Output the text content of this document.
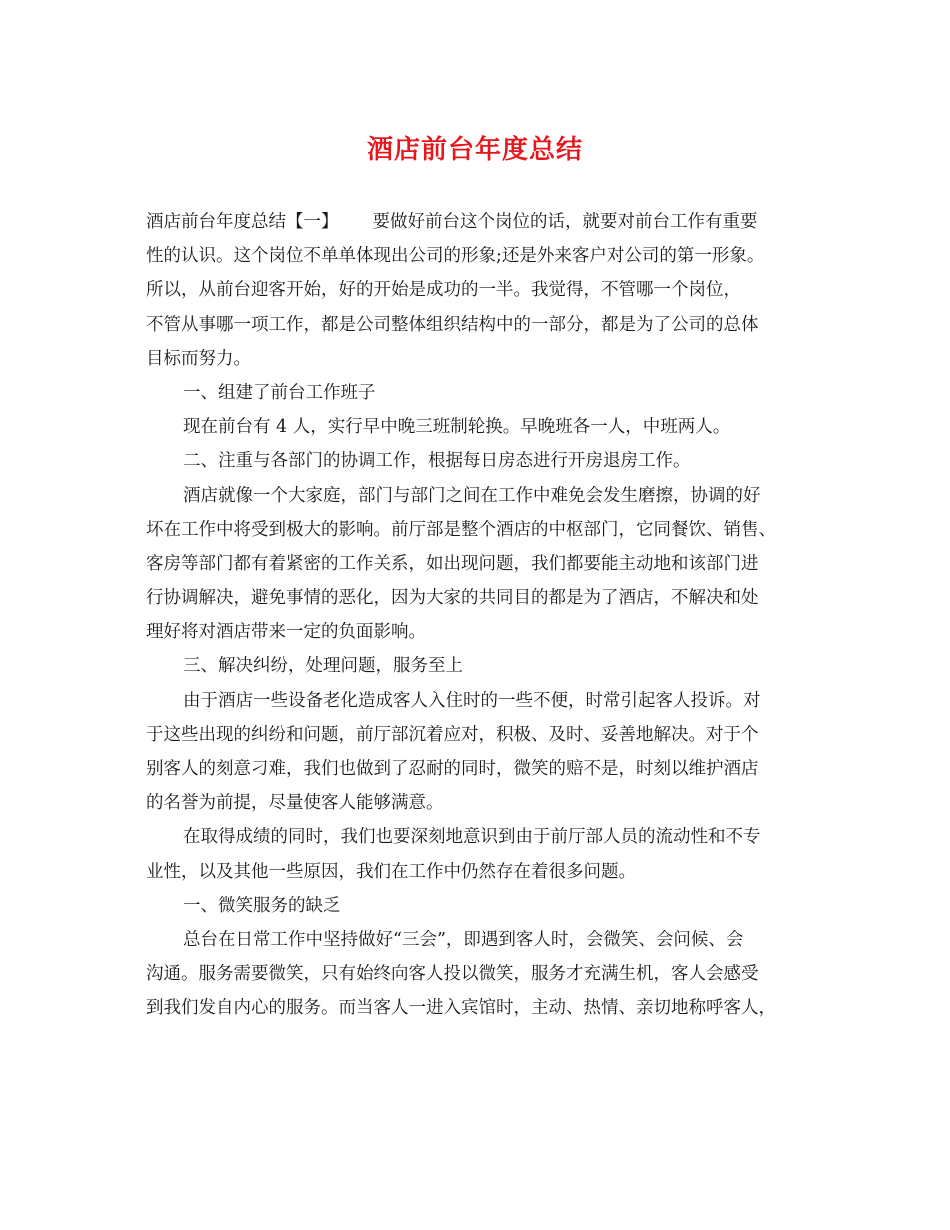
酒店前台年度总结
酒店前台年度总结【一】 要做好前台这个岗位的话，就要对前台工作有重要
性的认识。这个岗位不单单体现出公司的形象;还是外来客户对公司的第一形象。
所以，从前台迎客开始，好的开始是成功的一半。我觉得，不管哪一个岗位，
不管从事哪一项工作，都是公司整体组织结构中的一部分，都是为了公司的总体
目标而努力。
一、组建了前台工作班子
现在前台有 4 人，实行早中晚三班制轮换。早晚班各一人，中班两人。
二、注重与各部门的协调工作，根据每日房态进行开房退房工作。
酒店就像一个大家庭，部门与部门之间在工作中难免会发生磨擦，协调的好
坏在工作中将受到极大的影响。前厅部是整个酒店的中枢部门，它同餐饮、销售、
客房等部门都有着紧密的工作关系，如出现问题，我们都要能主动地和该部门进
行协调解决，避免事情的恶化，因为大家的共同目的都是为了酒店，不解决和处
理好将对酒店带来一定的负面影响。
三、解决纠纷，处理问题，服务至上
由于酒店一些设备老化造成客人入住时的一些不便，时常引起客人投诉。对
于这些出现的纠纷和问题，前厅部沉着应对，积极、及时、妥善地解决。对于个
别客人的刻意刁难，我们也做到了忍耐的同时，微笑的赔不是，时刻以维护酒店
的名誉为前提，尽量使客人能够满意。
在取得成绩的同时，我们也要深刻地意识到由于前厅部人员的流动性和不专
业性，以及其他一些原因，我们在工作中仍然存在着很多问题。
一、微笑服务的缺乏
总台在日常工作中坚持做好“三会”，即遇到客人时，会微笑、会问候、会
沟通。服务需要微笑，只有始终向客人投以微笑，服务才充满生机，客人会感受
到我们发自内心的服务。而当客人一进入宾馆时，主动、热情、亲切地称呼客人，
